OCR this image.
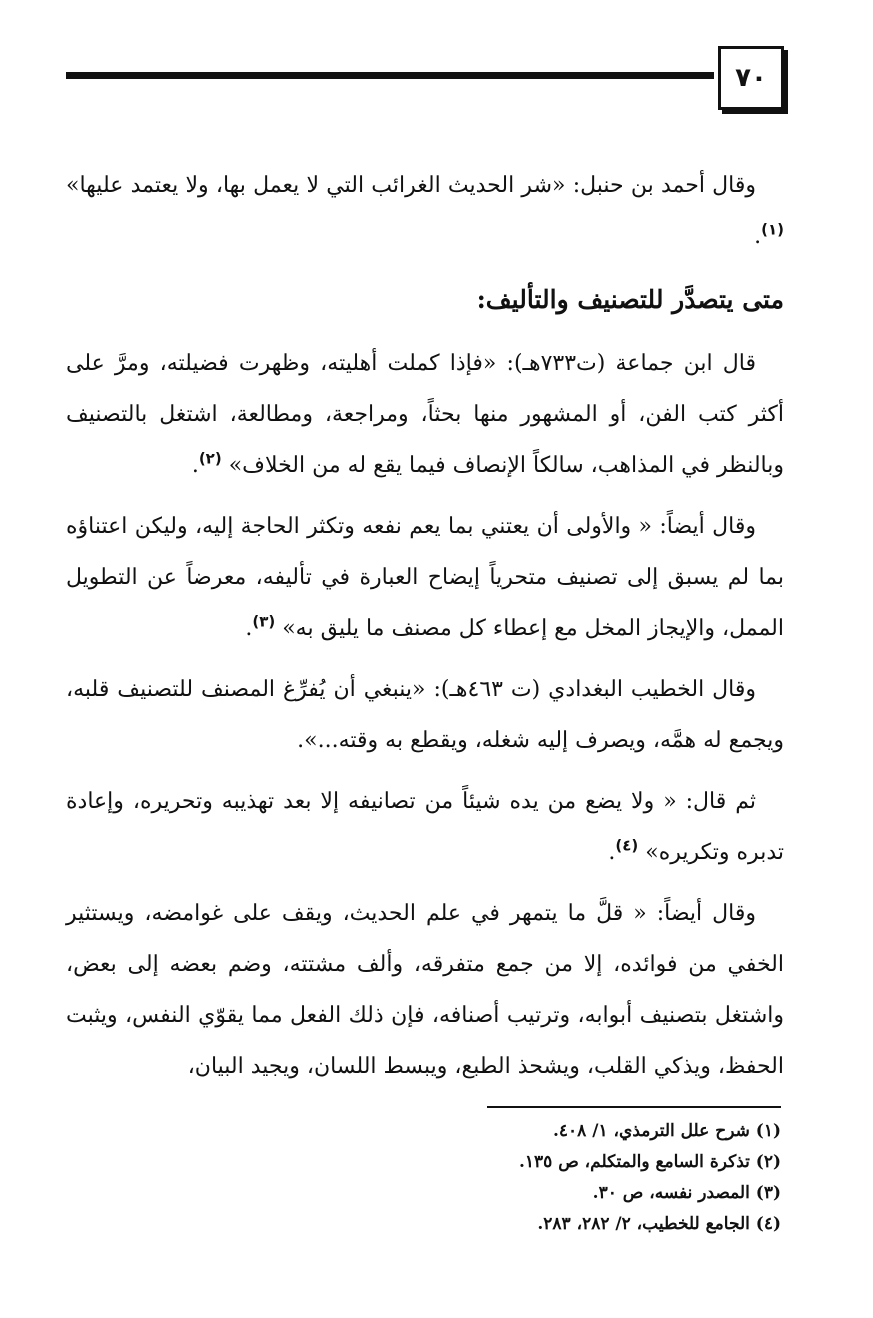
٧٠

وقال أحمد بن حنبل: «شر الحديث الغرائب التي لا يعمل بها، ولا يعتمد عليها» $^{(١)}$.

متى يتصدَّر للتصنيف والتأليف:

قال ابن جماعة (ت٧٣٣هـ): «فإذا كملت أهليته، وظهرت فضيلته، ومرَّ على أكثر كتب الفن، أو المشهور منها بحثاً، ومراجعة، ومطالعة، اشتغل بالتصنيف وبالنظر في المذاهب، سالكاً الإنصاف فيما يقع له من الخلاف» $^{(٢)}$.

وقال أيضاً: « والأولى أن يعتني بما يعم نفعه وتكثر الحاجة إليه، وليكن اعتناؤه بما لم يسبق إلى تصنيف متحرياً إيضاح العبارة في تأليفه، معرضاً عن التطويل الممل، والإيجاز المخل مع إعطاء كل مصنف ما يليق به» $^{(٣)}$.

وقال الخطيب البغدادي (ت ٤٦٣هـ): «ينبغي أن يُفرِّغ المصنف للتصنيف قلبه، ويجمع له همَّه، ويصرف إليه شغله، ويقطع به وقته...».

ثم قال: « ولا يضع من يده شيئاً من تصانيفه إلا بعد تهذيبه وتحريره، وإعادة تدبره وتكريره» $^{(٤)}$.

وقال أيضاً: « قلَّ ما يتمهر في علم الحديث، ويقف على غوامضه، ويستثير الخفي من فوائده، إلا من جمع متفرقه، وألف مشتته، وضم بعضه إلى بعض، واشتغل بتصنيف أبوابه، وترتيب أصنافه، فإن ذلك الفعل مما يقوّي النفس، ويثبت الحفظ، ويذكي القلب، ويشحذ الطبع، ويبسط اللسان، ويجيد البيان،

(١) شرح علل الترمذي، ١/ ٤٠٨.
(٢) تذكرة السامع والمتكلم، ص ١٣٥.
(٣) المصدر نفسه، ص ٣٠.
(٤) الجامع للخطيب، ٢/ ٢٨٢، ٢٨٣.
